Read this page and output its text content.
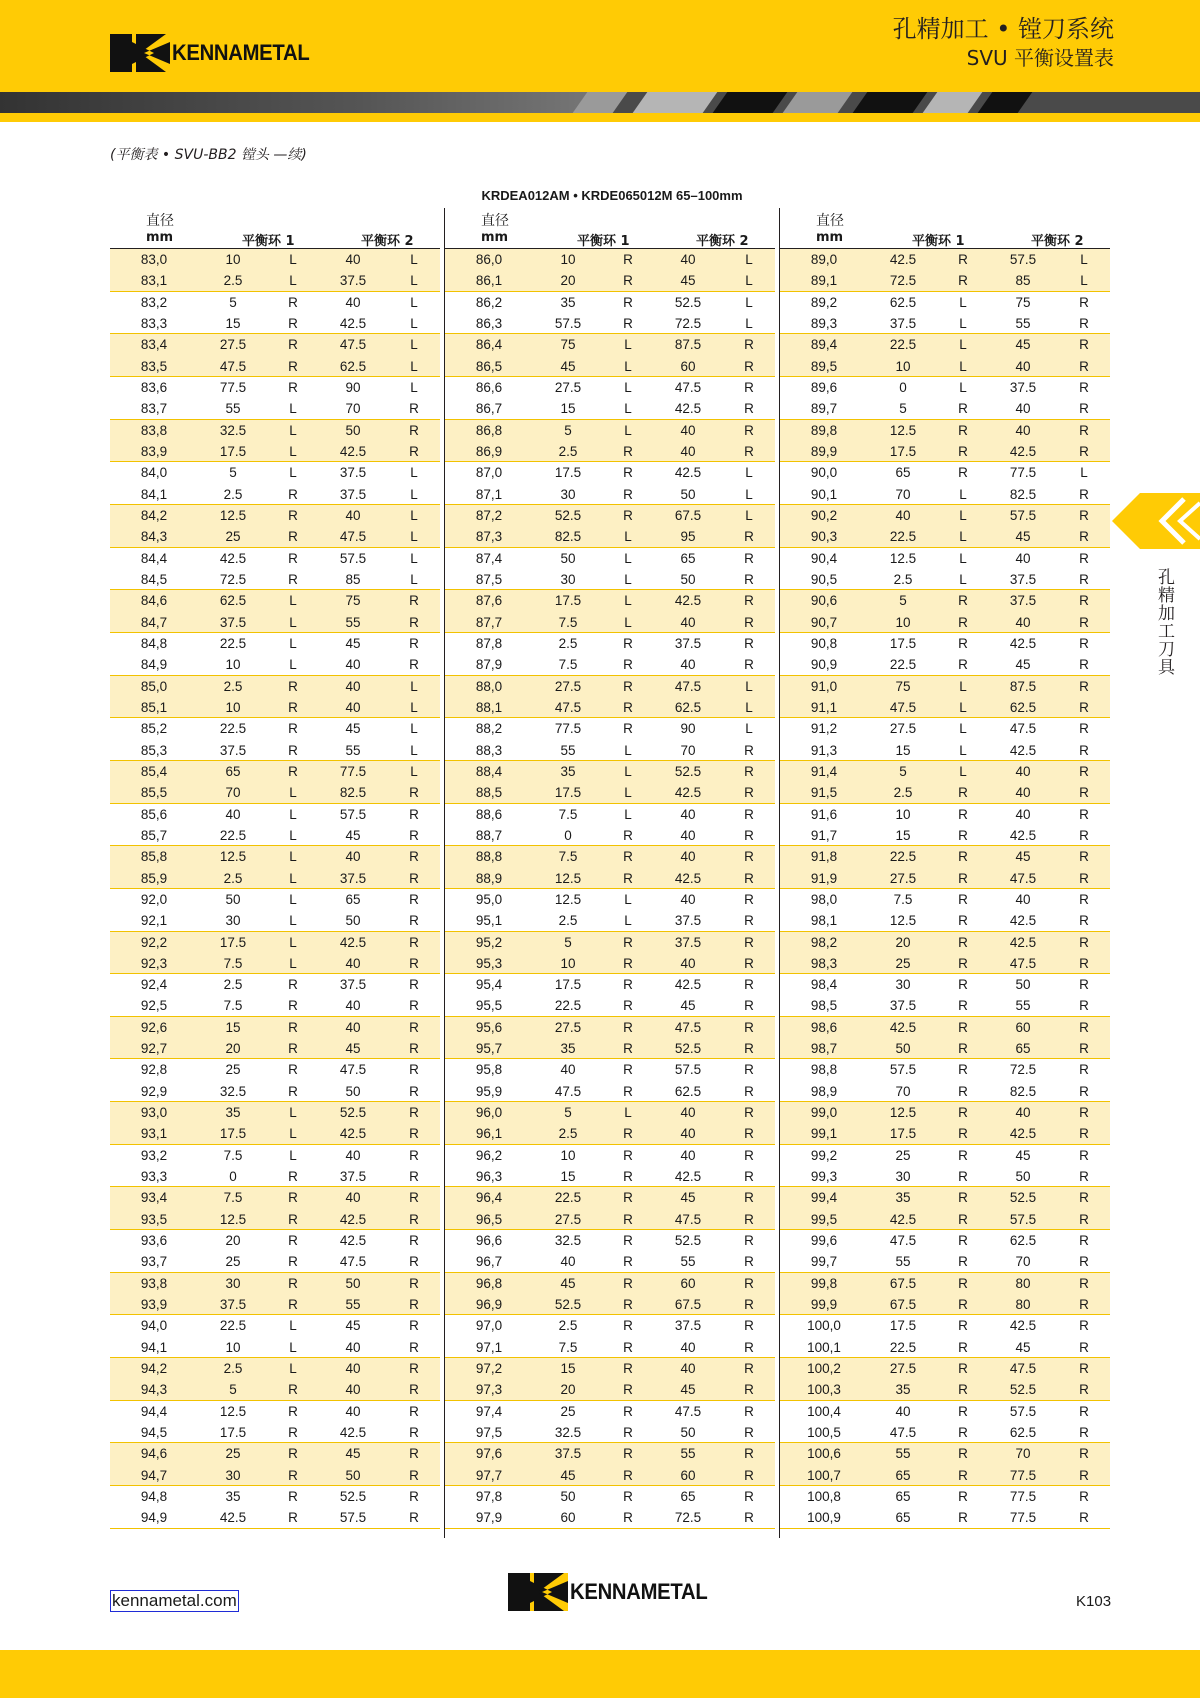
KENNAMETAL
孔精加工 • 镗刀系统
SVU 平衡设置表
(平衡表 • SVU-BB2 镗头 —续)
KRDEA012AM • KRDE065012M 65–100mm
直径
mm	平衡环 1	平衡环 2
83,0	10	L	40	L
83,1	2.5	L	37.5	L
83,2	5	R	40	L
83,3	15	R	42.5	L
83,4	27.5	R	47.5	L
83,5	47.5	R	62.5	L
83,6	77.5	R	90	L
83,7	55	L	70	R
83,8	32.5	L	50	R
83,9	17.5	L	42.5	R
84,0	5	L	37.5	L
84,1	2.5	R	37.5	L
84,2	12.5	R	40	L
84,3	25	R	47.5	L
84,4	42.5	R	57.5	L
84,5	72.5	R	85	L
84,6	62.5	L	75	R
84,7	37.5	L	55	R
84,8	22.5	L	45	R
84,9	10	L	40	R
85,0	2.5	R	40	L
85,1	10	R	40	L
85,2	22.5	R	45	L
85,3	37.5	R	55	L
85,4	65	R	77.5	L
85,5	70	L	82.5	R
85,6	40	L	57.5	R
85,7	22.5	L	45	R
85,8	12.5	L	40	R
85,9	2.5	L	37.5	R
92,0	50	L	65	R
92,1	30	L	50	R
92,2	17.5	L	42.5	R
92,3	7.5	L	40	R
92,4	2.5	R	37.5	R
92,5	7.5	R	40	R
92,6	15	R	40	R
92,7	20	R	45	R
92,8	25	R	47.5	R
92,9	32.5	R	50	R
93,0	35	L	52.5	R
93,1	17.5	L	42.5	R
93,2	7.5	L	40	R
93,3	0	R	37.5	R
93,4	7.5	R	40	R
93,5	12.5	R	42.5	R
93,6	20	R	42.5	R
93,7	25	R	47.5	R
93,8	30	R	50	R
93,9	37.5	R	55	R
94,0	22.5	L	45	R
94,1	10	L	40	R
94,2	2.5	L	40	R
94,3	5	R	40	R
94,4	12.5	R	40	R
94,5	17.5	R	42.5	R
94,6	25	R	45	R
94,7	30	R	50	R
94,8	35	R	52.5	R
94,9	42.5	R	57.5	R
直径
mm	平衡环 1	平衡环 2
86,0	10	R	40	L
86,1	20	R	45	L
86,2	35	R	52.5	L
86,3	57.5	R	72.5	L
86,4	75	L	87.5	R
86,5	45	L	60	R
86,6	27.5	L	47.5	R
86,7	15	L	42.5	R
86,8	5	L	40	R
86,9	2.5	R	40	R
87,0	17.5	R	42.5	L
87,1	30	R	50	L
87,2	52.5	R	67.5	L
87,3	82.5	L	95	R
87,4	50	L	65	R
87,5	30	L	50	R
87,6	17.5	L	42.5	R
87,7	7.5	L	40	R
87,8	2.5	R	37.5	R
87,9	7.5	R	40	R
88,0	27.5	R	47.5	L
88,1	47.5	R	62.5	L
88,2	77.5	R	90	L
88,3	55	L	70	R
88,4	35	L	52.5	R
88,5	17.5	L	42.5	R
88,6	7.5	L	40	R
88,7	0	R	40	R
88,8	7.5	R	40	R
88,9	12.5	R	42.5	R
95,0	12.5	L	40	R
95,1	2.5	L	37.5	R
95,2	5	R	37.5	R
95,3	10	R	40	R
95,4	17.5	R	42.5	R
95,5	22.5	R	45	R
95,6	27.5	R	47.5	R
95,7	35	R	52.5	R
95,8	40	R	57.5	R
95,9	47.5	R	62.5	R
96,0	5	L	40	R
96,1	2.5	R	40	R
96,2	10	R	40	R
96,3	15	R	42.5	R
96,4	22.5	R	45	R
96,5	27.5	R	47.5	R
96,6	32.5	R	52.5	R
96,7	40	R	55	R
96,8	45	R	60	R
96,9	52.5	R	67.5	R
97,0	2.5	R	37.5	R
97,1	7.5	R	40	R
97,2	15	R	40	R
97,3	20	R	45	R
97,4	25	R	47.5	R
97,5	32.5	R	50	R
97,6	37.5	R	55	R
97,7	45	R	60	R
97,8	50	R	65	R
97,9	60	R	72.5	R
直径
mm	平衡环 1	平衡环 2
89,0	42.5	R	57.5	L
89,1	72.5	R	85	L
89,2	62.5	L	75	R
89,3	37.5	L	55	R
89,4	22.5	L	45	R
89,5	10	L	40	R
89,6	0	L	37.5	R
89,7	5	R	40	R
89,8	12.5	R	40	R
89,9	17.5	R	42.5	R
90,0	65	R	77.5	L
90,1	70	L	82.5	R
90,2	40	L	57.5	R
90,3	22.5	L	45	R
90,4	12.5	L	40	R
90,5	2.5	L	37.5	R
90,6	5	R	37.5	R
90,7	10	R	40	R
90,8	17.5	R	42.5	R
90,9	22.5	R	45	R
91,0	75	L	87.5	R
91,1	47.5	L	62.5	R
91,2	27.5	L	47.5	R
91,3	15	L	42.5	R
91,4	5	L	40	R
91,5	2.5	R	40	R
91,6	10	R	40	R
91,7	15	R	42.5	R
91,8	22.5	R	45	R
91,9	27.5	R	47.5	R
98,0	7.5	R	40	R
98,1	12.5	R	42.5	R
98,2	20	R	42.5	R
98,3	25	R	47.5	R
98,4	30	R	50	R
98,5	37.5	R	55	R
98,6	42.5	R	60	R
98,7	50	R	65	R
98,8	57.5	R	72.5	R
98,9	70	R	82.5	R
99,0	12.5	R	40	R
99,1	17.5	R	42.5	R
99,2	25	R	45	R
99,3	30	R	50	R
99,4	35	R	52.5	R
99,5	42.5	R	57.5	R
99,6	47.5	R	62.5	R
99,7	55	R	70	R
99,8	67.5	R	80	R
99,9	67.5	R	80	R
100,0	17.5	R	42.5	R
100,1	22.5	R	45	R
100,2	27.5	R	47.5	R
100,3	35	R	52.5	R
100,4	40	R	57.5	R
100,5	47.5	R	62.5	R
100,6	55	R	70	R
100,7	65	R	77.5	R
100,8	65	R	77.5	R
100,9	65	R	77.5	R
孔精加工刀具
kennametal.com	KENNAMETAL	K103
